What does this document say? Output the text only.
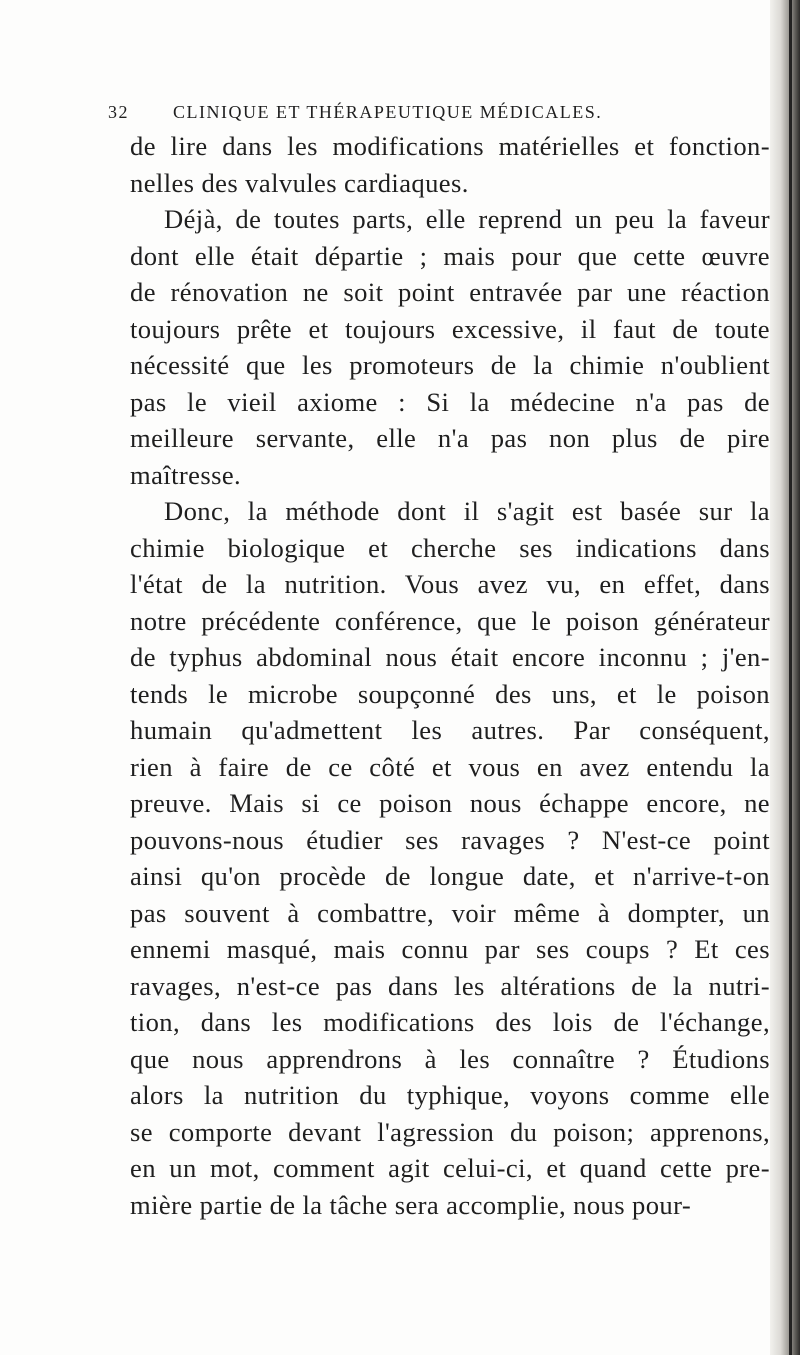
32 CLINIQUE ET THÉRAPEUTIQUE MÉDICALES.
de lire dans les modifications matérielles et fonction-
nelles des valvules cardiaques.
Déjà, de toutes parts, elle reprend un peu la faveur
dont elle était départie ; mais pour que cette œuvre
de rénovation ne soit point entravée par une réaction
toujours prête et toujours excessive, il faut de toute
nécessité que les promoteurs de la chimie n'oublient
pas le vieil axiome : Si la médecine n'a pas de
meilleure servante, elle n'a pas non plus de pire
maîtresse.
Donc, la méthode dont il s'agit est basée sur la
chimie biologique et cherche ses indications dans
l'état de la nutrition. Vous avez vu, en effet, dans
notre précédente conférence, que le poison générateur
de typhus abdominal nous était encore inconnu ; j'en-
tends le microbe soupçonné des uns, et le poison
humain qu'admettent les autres. Par conséquent,
rien à faire de ce côté et vous en avez entendu la
preuve. Mais si ce poison nous échappe encore, ne
pouvons-nous étudier ses ravages ? N'est-ce point
ainsi qu'on procède de longue date, et n'arrive-t-on
pas souvent à combattre, voir même à dompter, un
ennemi masqué, mais connu par ses coups ? Et ces
ravages, n'est-ce pas dans les altérations de la nutri-
tion, dans les modifications des lois de l'échange,
que nous apprendrons à les connaître ? Étudions
alors la nutrition du typhique, voyons comme elle
se comporte devant l'agression du poison; apprenons,
en un mot, comment agit celui-ci, et quand cette pre-
mière partie de la tâche sera accomplie, nous pour-
